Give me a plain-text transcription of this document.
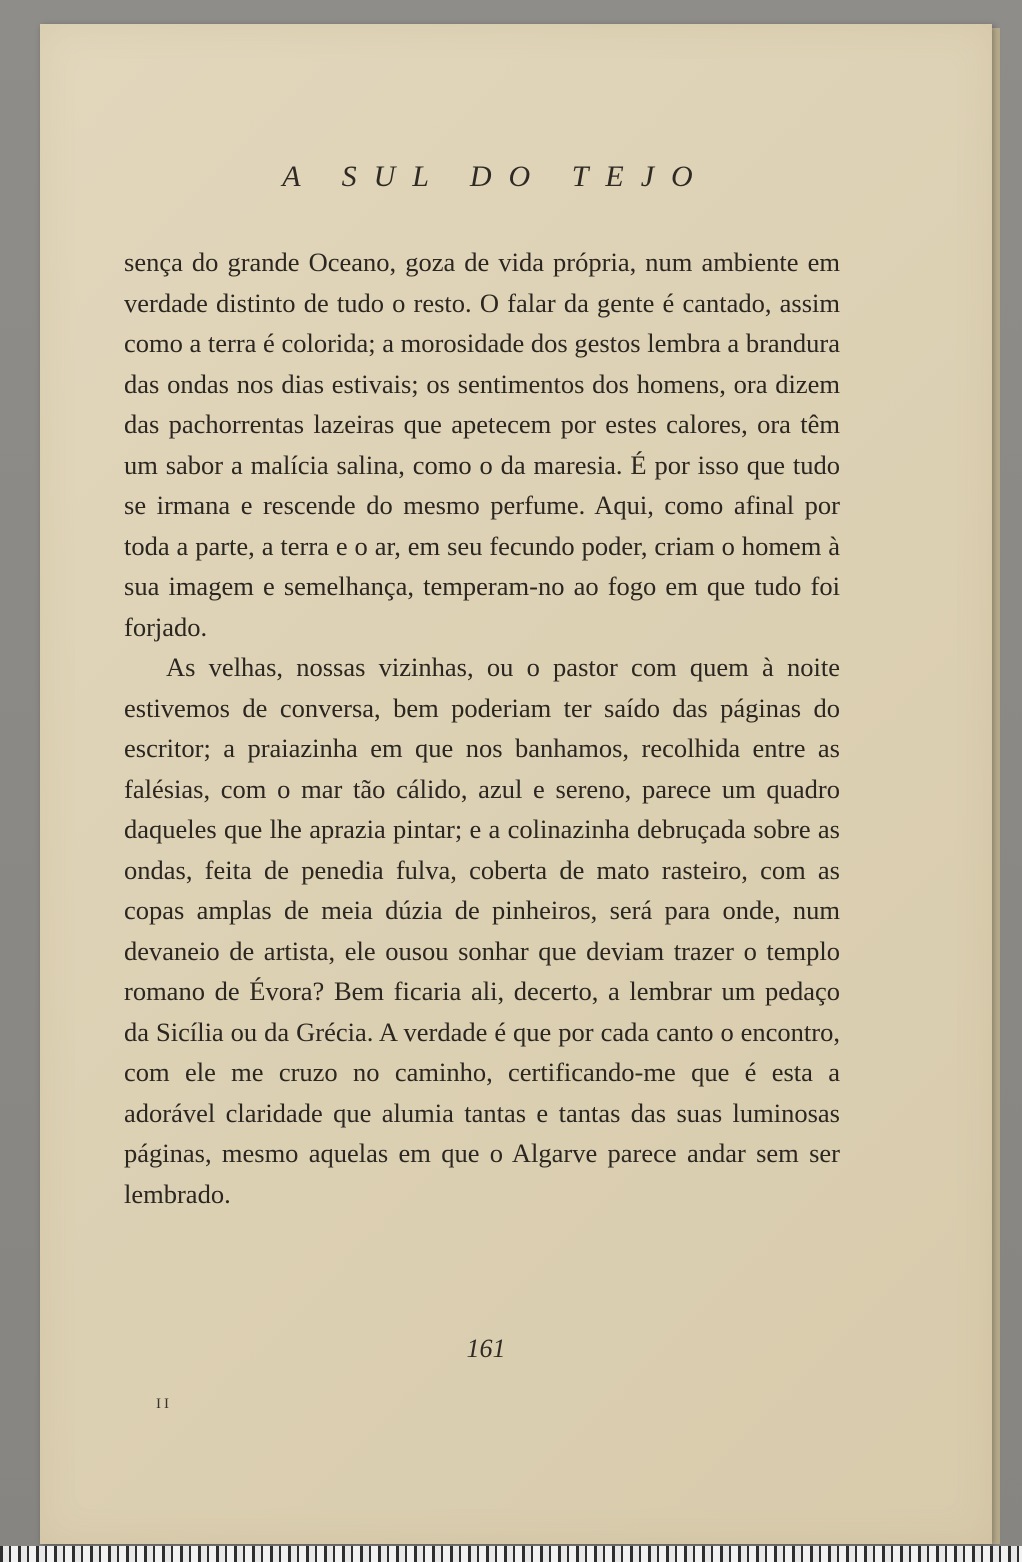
A SUL DO TEJO

sença do grande Oceano, goza de vida própria, num ambiente em verdade distinto de tudo o resto. O falar da gente é cantado, assim como a terra é colorida; a morosidade dos gestos lembra a brandura das ondas nos dias estivais; os sentimentos dos homens, ora dizem das pachorrentas lazeiras que apetecem por estes calores, ora têm um sabor a malícia salina, como o da maresia. É por isso que tudo se irmana e rescende do mesmo perfume. Aqui, como afinal por toda a parte, a terra e o ar, em seu fecundo poder, criam o homem à sua imagem e semelhança, temperam-no ao fogo em que tudo foi forjado.

As velhas, nossas vizinhas, ou o pastor com quem à noite estivemos de conversa, bem poderiam ter saído das páginas do escritor; a praiazinha em que nos banhamos, recolhida entre as falésias, com o mar tão cálido, azul e sereno, parece um quadro daqueles que lhe aprazia pintar; e a colinazinha debruçada sobre as ondas, feita de penedia fulva, coberta de mato rasteiro, com as copas amplas de meia dúzia de pinheiros, será para onde, num devaneio de artista, ele ousou sonhar que deviam trazer o templo romano de Évora? Bem ficaria ali, decerto, a lembrar um pedaço da Sicília ou da Grécia. A verdade é que por cada canto o encontro, com ele me cruzo no caminho, certificando-me que é esta a adorável claridade que alumia tantas e tantas das suas luminosas páginas, mesmo aquelas em que o Algarve parece andar sem ser lembrado.

161
II
